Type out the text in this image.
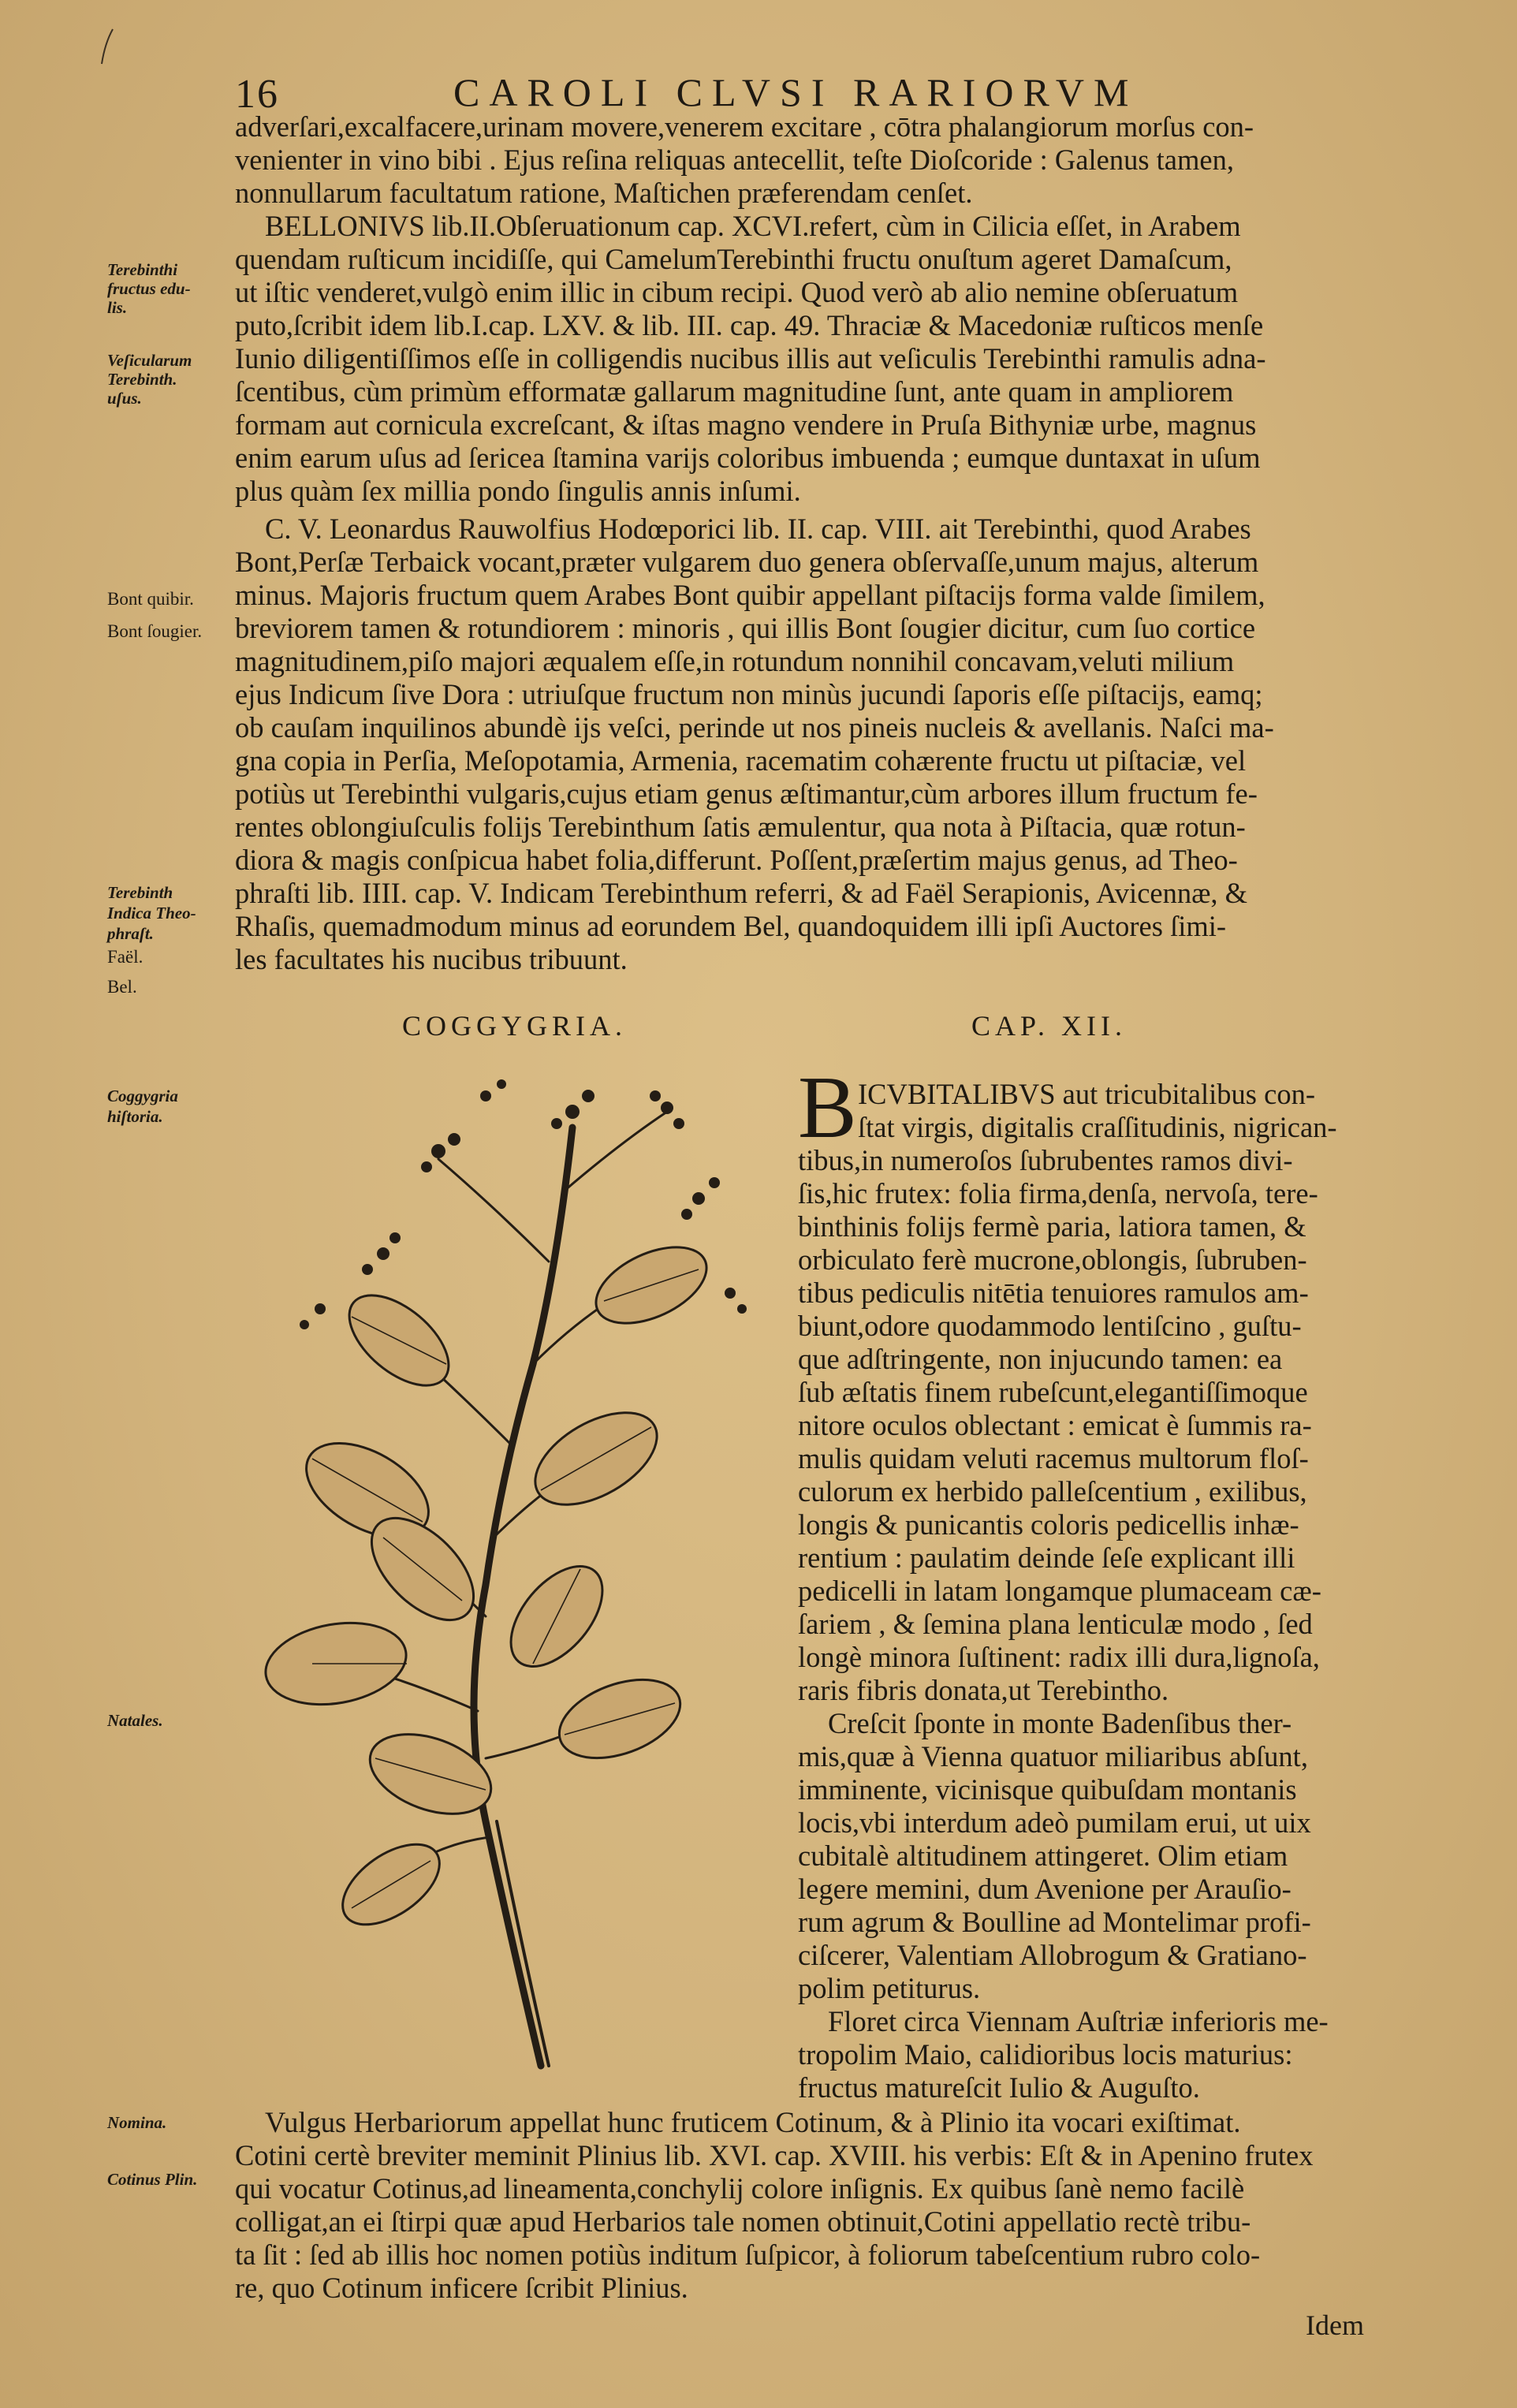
16	CAROLI CLVSI RARIORVM
adverſari,excalfacere,urinam movere,venerem excitare , cōtra phalangiorum morſus con-
venienter in vino bibi . Ejus reſina reliquas antecellit, teſte Dioſcoride : Galenus tamen,
nonnullarum facultatum ratione, Maſtichen præferendam cenſet.
BELLONIVS lib.II.Obſeruationum cap. XCVI.refert, cùm in Cilicia eſſet, in Arabem
quendam ruſticum incidiſſe, qui CamelumTerebinthi fructu onuſtum ageret Damaſcum,
ut iſtic venderet,vulgò enim illic in cibum recipi. Quod verò ab alio nemine obſeruatum
puto,ſcribit idem lib.I.cap. LXV. & lib. III. cap. 49. Thraciæ & Macedoniæ ruſticos menſe
Iunio diligentiſſimos eſſe in colligendis nucibus illis aut veſiculis Terebinthi ramulis adna-
ſcentibus, cùm primùm efformatæ gallarum magnitudine ſunt, ante quam in ampliorem
formam aut cornicula excreſcant, & iſtas magno vendere in Pruſa Bithyniæ urbe, magnus
enim earum uſus ad ſericea ſtamina varijs coloribus imbuenda ; eumque duntaxat in uſum
plus quàm ſex millia pondo ſingulis annis inſumi.
C. V. Leonardus Rauwolfius Hodœporici lib. II. cap. VIII. ait Terebinthi, quod Arabes
Bont,Perſæ Terbaick vocant,præter vulgarem duo genera obſervaſſe,unum majus, alterum
minus. Majoris fructum quem Arabes Bont quibir appellant piſtacijs forma valde ſimilem,
breviorem tamen & rotundiorem : minoris , qui illis Bont ſougier dicitur, cum ſuo cortice
magnitudinem,piſo majori æqualem eſſe,in rotundum nonnihil concavam,veluti milium
ejus Indicum ſive Dora : utriuſque fructum non minùs jucundi ſaporis eſſe piſtacijs, eamq;
ob cauſam inquilinos abundè ijs veſci, perinde ut nos pineis nucleis & avellanis. Naſci ma-
gna copia in Perſia, Meſopotamia, Armenia, racematim cohærente fructu ut piſtaciæ, vel
potiùs ut Terebinthi vulgaris,cujus etiam genus æſtimantur,cùm arbores illum fructum fe-
rentes oblongiuſculis folijs Terebinthum ſatis æmulentur, qua nota à Piſtacia, quæ rotun-
diora & magis conſpicua habet folia,differunt. Poſſent,præſertim majus genus, ad Theo-
phraſti lib. IIII. cap. V. Indicam Terebinthum referri, & ad Faël Serapionis, Avicennæ, &
Rhaſis, quemadmodum minus ad eorundem Bel, quandoquidem illi ipſi Auctores ſimi-
les facultates his nucibus tribuunt.
Terebinthi
fructus edu-
lis.
Veſicularum
Terebinth.
uſus.
Bont quibir.
Bont ſougier.
Terebinth
Indica Theo-
phraſt.
Faël.
Bel.
Coggygria
hiſtoria.
Natales.
Nomina.
Cotinus Plin.
COGGYGRIA.	CAP. XII.
B ICVBITALIBVS aut tricubitalibus con-
ſtat virgis, digitalis craſſitudinis, nigrican-
tibus,in numeroſos ſubrubentes ramos divi-
ſis,hic frutex: folia firma,denſa, nervoſa, tere-
binthinis folijs fermè paria, latiora tamen, &
orbiculato ferè mucrone,oblongis, ſubruben-
tibus pediculis nitētia tenuiores ramulos am-
biunt,odore quodammodo lentiſcino , guſtu-
que adſtringente, non injucundo tamen: ea
ſub æſtatis finem rubeſcunt,elegantiſſimoque
nitore oculos oblectant : emicat è ſummis ra-
mulis quidam veluti racemus multorum floſ-
culorum ex herbido palleſcentium , exilibus,
longis & punicantis coloris pedicellis inhæ-
rentium : paulatim deinde ſeſe explicant illi
pedicelli in latam longamque plumaceam cæ-
ſariem , & ſemina plana lenticulæ modo , ſed
longè minora ſuſtinent: radix illi dura,lignoſa,
raris fibris donata,ut Terebintho.
Creſcit ſponte in monte Badenſibus ther-
mis,quæ à Vienna quatuor miliaribus abſunt,
imminente, vicinisque quibuſdam montanis
locis,vbi interdum adeò pumilam erui, ut uix
cubitalè altitudinem attingeret. Olim etiam
legere memini, dum Avenione per Arauſio-
rum agrum & Boulline ad Montelimar profi-
ciſcerer, Valentiam Allobrogum & Gratiano-
polim petiturus.
Floret circa Viennam Auſtriæ inferioris me-
tropolim Maio, calidioribus locis maturius:
fructus matureſcit Iulio & Auguſto.
Vulgus Herbariorum appellat hunc fruticem Cotinum, & à Plinio ita vocari exiſtimat.
Cotini certè breviter meminit Plinius lib. XVI. cap. XVIII. his verbis: Eſt & in Apenino frutex
qui vocatur Cotinus,ad lineamenta,conchylij colore inſignis. Ex quibus ſanè nemo facilè
colligat,an ei ſtirpi quæ apud Herbarios tale nomen obtinuit,Cotini appellatio rectè tribu-
ta ſit : ſed ab illis hoc nomen potiùs inditum ſuſpicor, à foliorum tabeſcentium rubro colo-
re, quo Cotinum inficere ſcribit Plinius.
Idem
